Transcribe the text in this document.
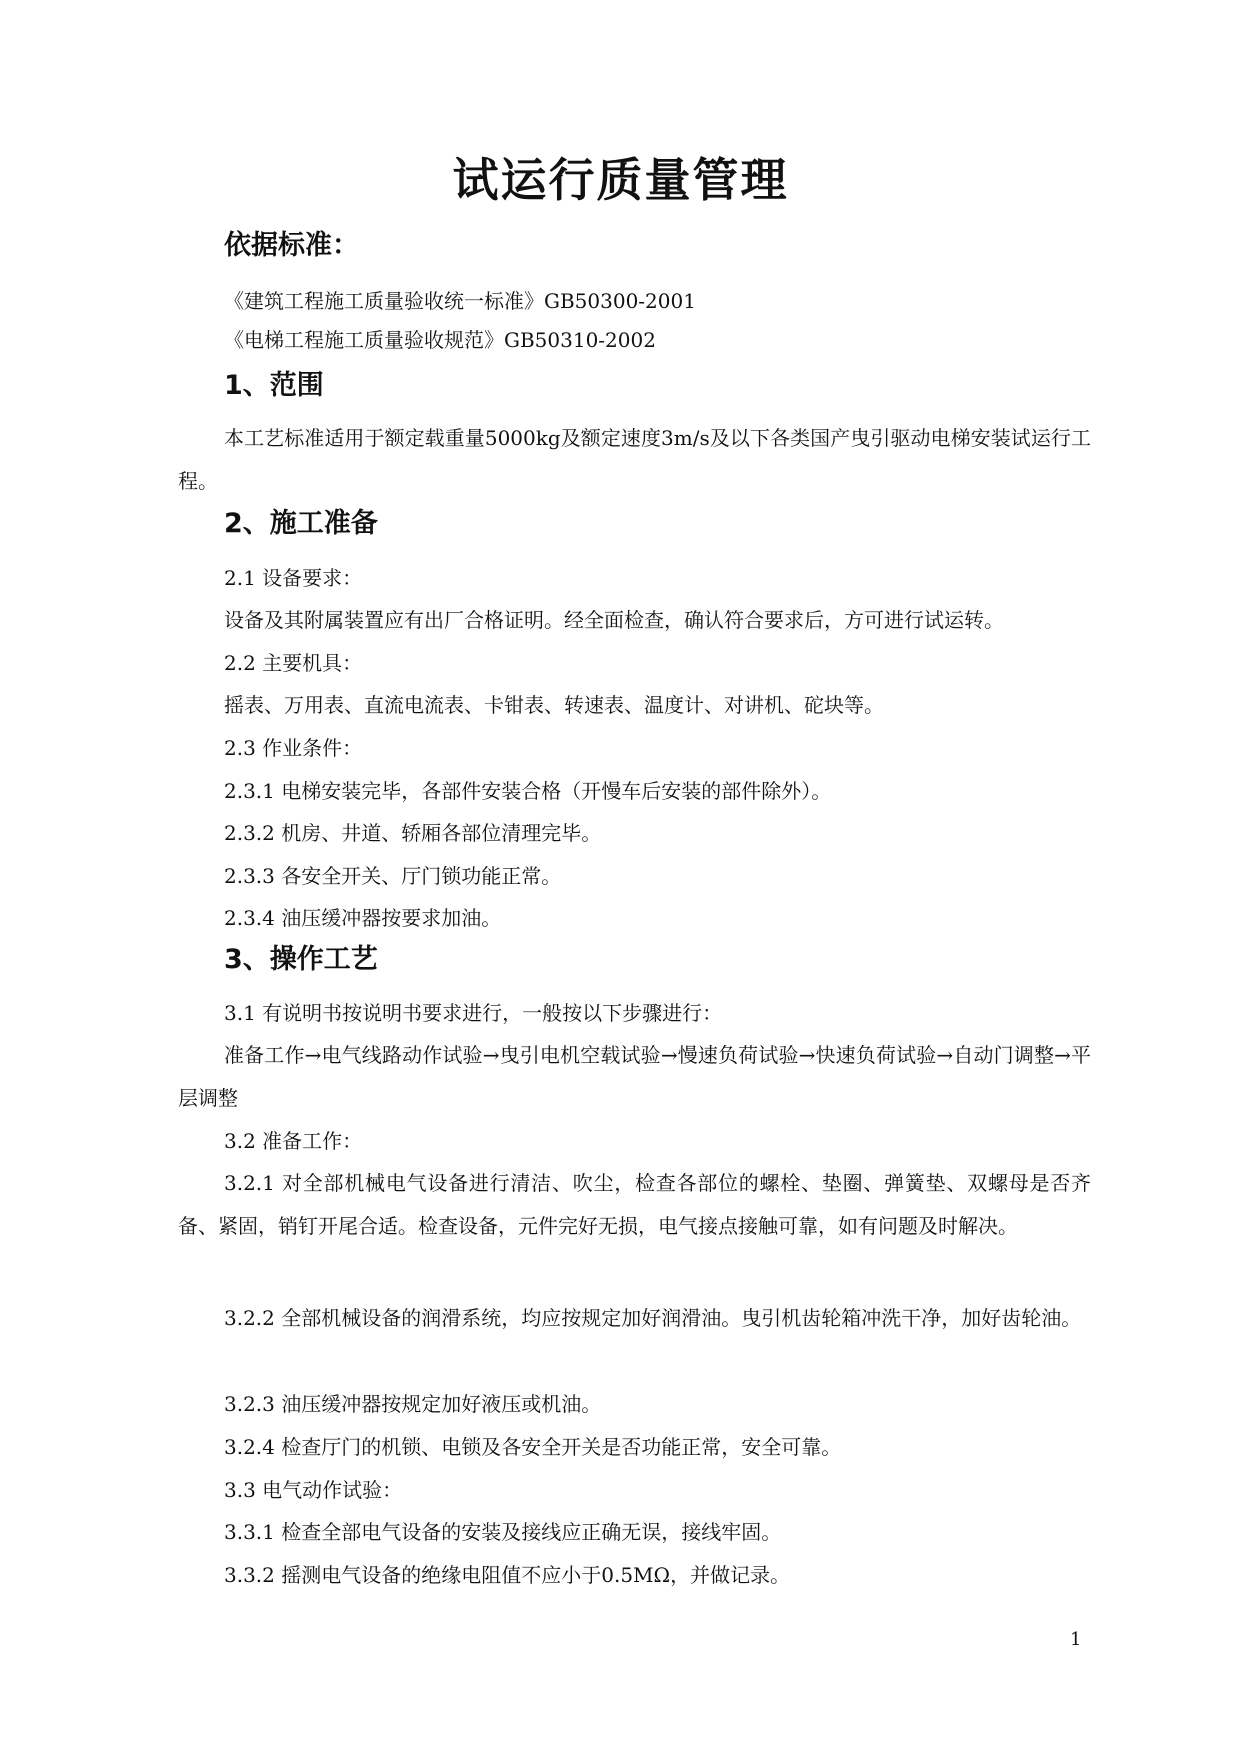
试运行质量管理
依据标准：
《建筑工程施工质量验收统一标准》GB50300-2001
《电梯工程施工质量验收规范》GB50310-2002
1、范围
本工艺标准适用于额定载重量5000kg及额定速度3m/s及以下各类国产曳引驱动电梯安装试运行工程。
2、施工准备
2.1 设备要求：
设备及其附属装置应有出厂合格证明。经全面检查，确认符合要求后，方可进行试运转。
2.2 主要机具：
摇表、万用表、直流电流表、卡钳表、转速表、温度计、对讲机、砣块等。
2.3 作业条件：
2.3.1 电梯安装完毕，各部件安装合格（开慢车后安装的部件除外）。
2.3.2 机房、井道、轿厢各部位清理完毕。
2.3.3 各安全开关、厅门锁功能正常。
2.3.4 油压缓冲器按要求加油。
3、操作工艺
3.1 有说明书按说明书要求进行，一般按以下步骤进行：
准备工作→电气线路动作试验→曳引电机空载试验→慢速负荷试验→快速负荷试验→自动门调整→平层调整
3.2 准备工作：
3.2.1 对全部机械电气设备进行清洁、吹尘，检查各部位的螺栓、垫圈、弹簧垫、双螺母是否齐备、紧固，销钉开尾合适。检查设备，元件完好无损，电气接点接触可靠，如有问题及时解决。
3.2.2 全部机械设备的润滑系统，均应按规定加好润滑油。曳引机齿轮箱冲洗干净，加好齿轮油。
3.2.3 油压缓冲器按规定加好液压或机油。
3.2.4 检查厅门的机锁、电锁及各安全开关是否功能正常，安全可靠。
3.3 电气动作试验：
3.3.1 检查全部电气设备的安装及接线应正确无误，接线牢固。
3.3.2 摇测电气设备的绝缘电阻值不应小于0.5MΩ，并做记录。
1
